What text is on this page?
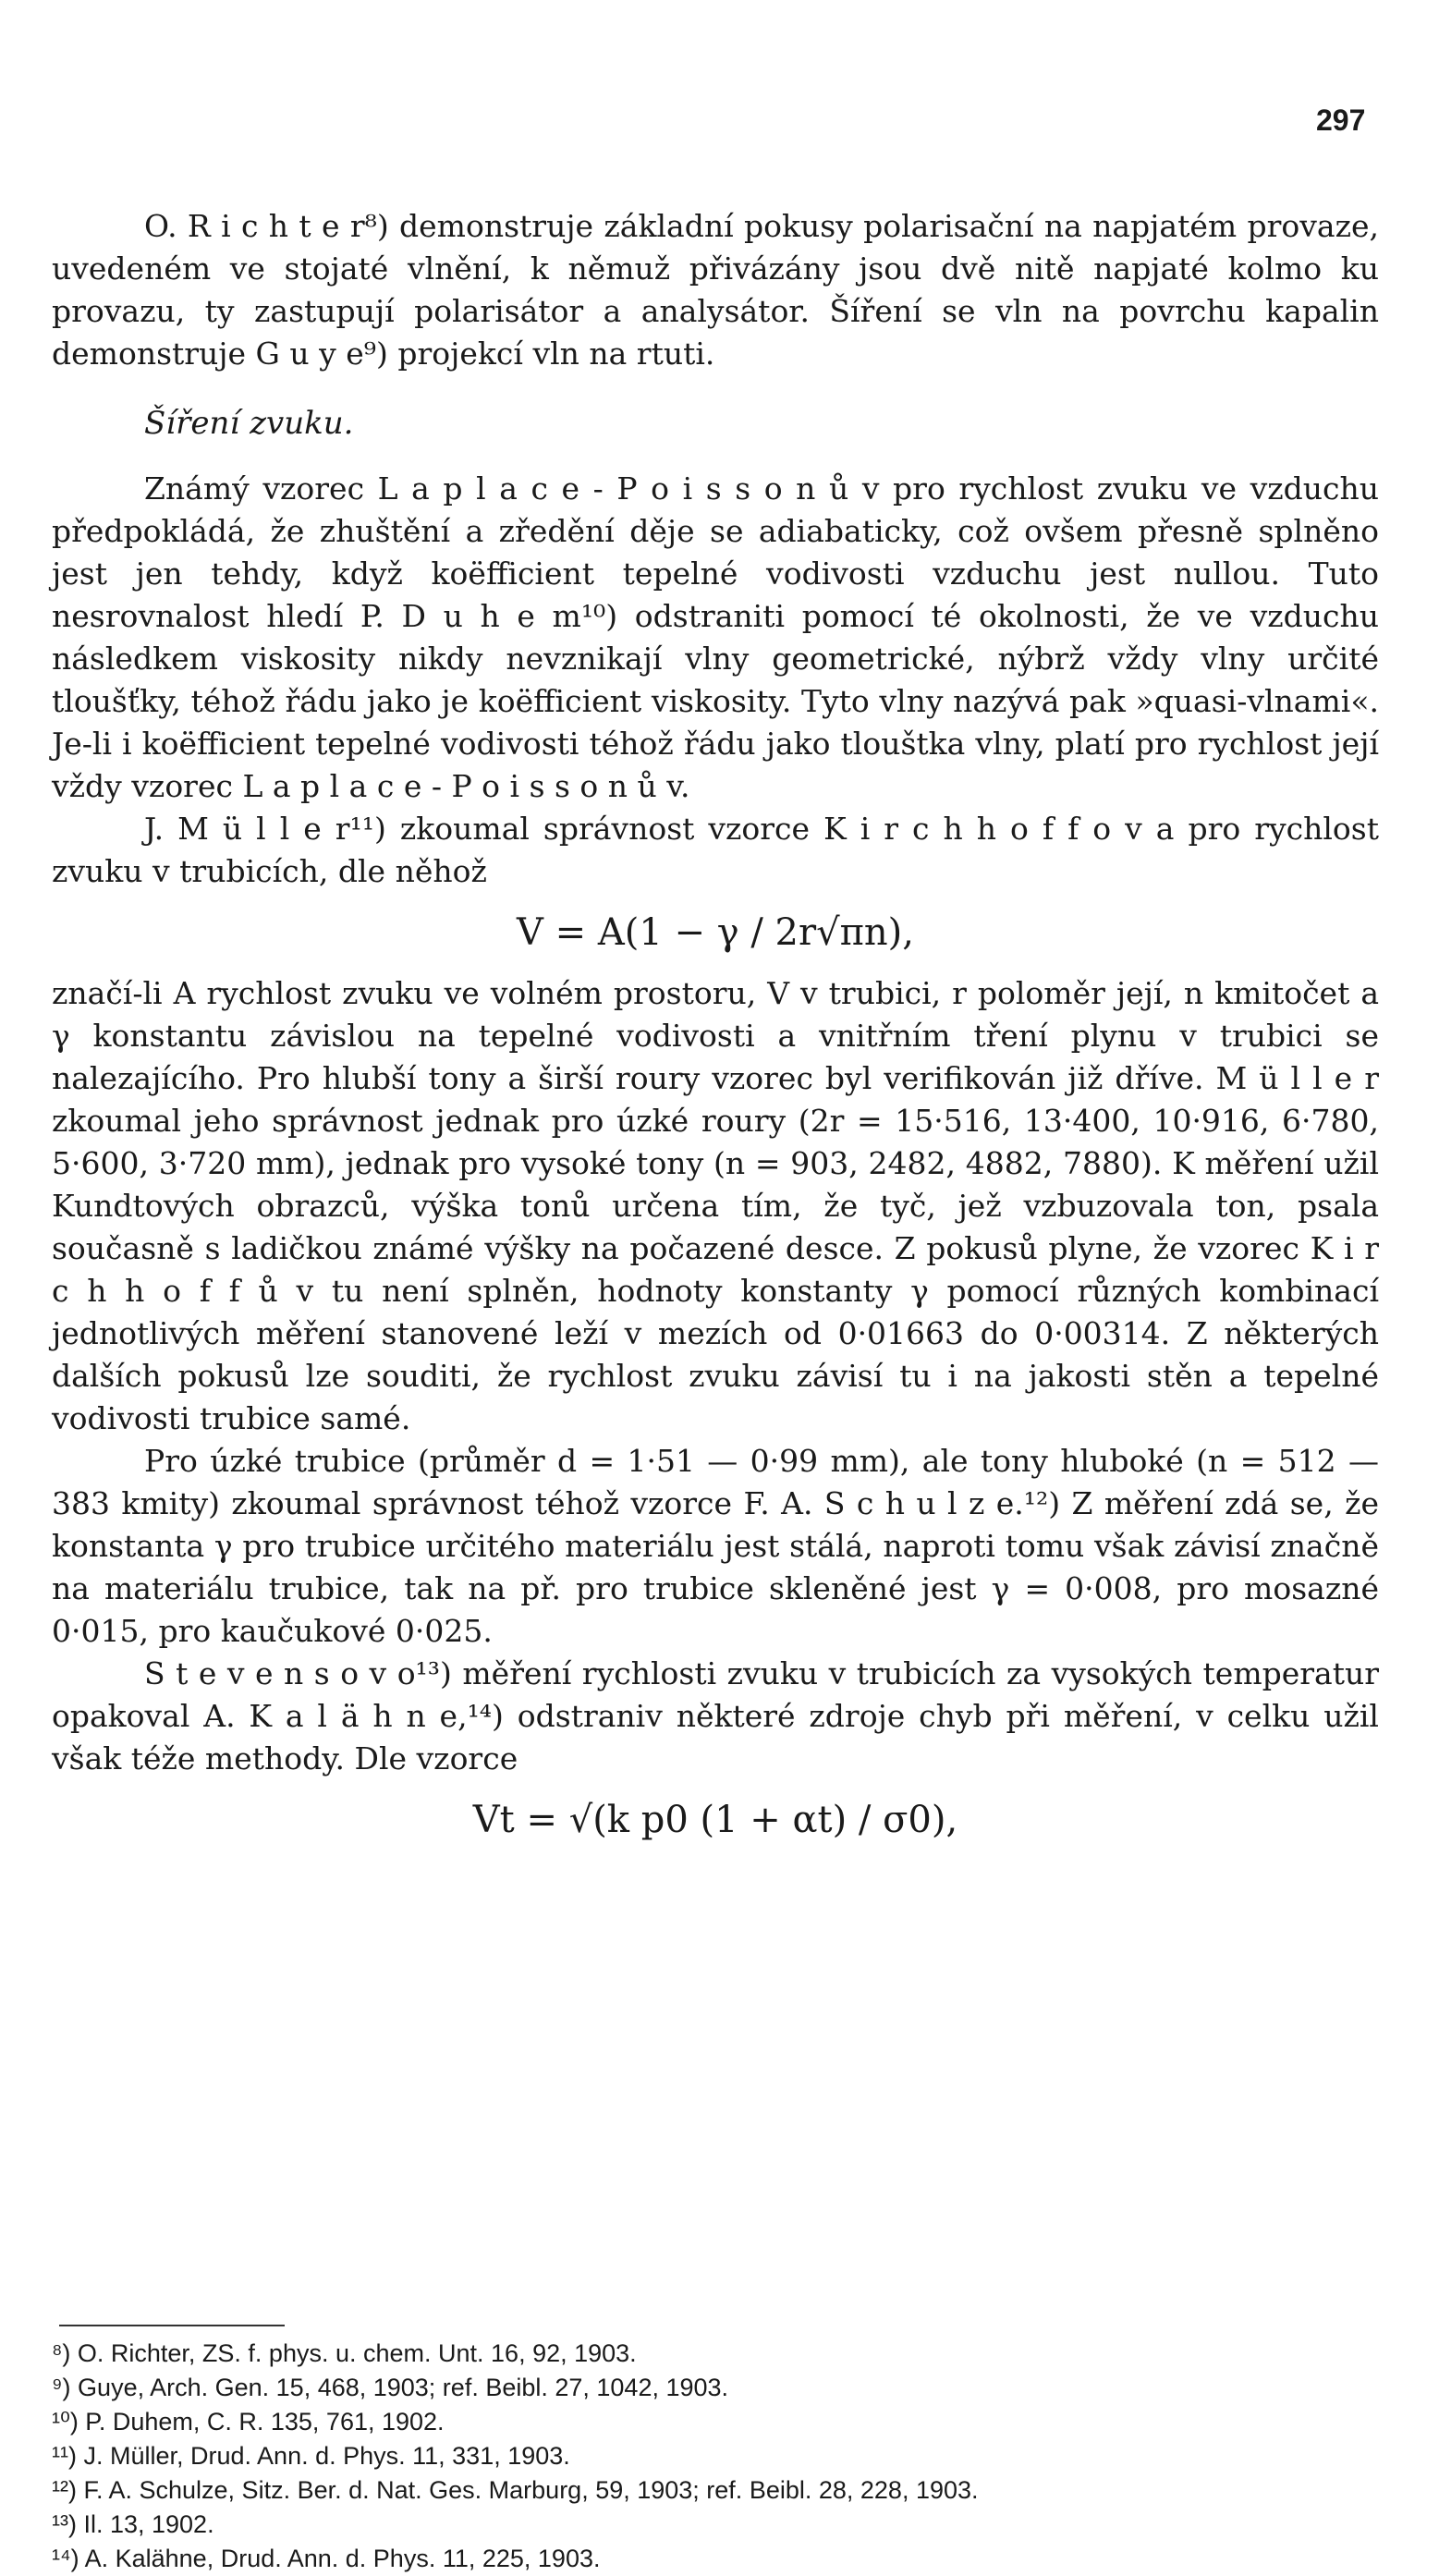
297

O. R i c h t e r⁸) demonstruje základní pokusy polarisační na napjatém provaze, uvedeném ve stojaté vlnění, k němuž přivázány jsou dvě nitě napjaté kolmo ku provazu, ty zastupují polarisátor a analysátor. Šíření se vln na povrchu kapalin demonstruje G u y e⁹) projekcí vln na rtuti.

Šíření zvuku.

Známý vzorec L a p l a c e - P o i s s o n ů v pro rychlost zvuku ve vzduchu předpokládá, že zhuštění a zředění děje se adiabaticky, což ovšem přesně splněno jest jen tehdy, když koëfficient tepelné vodivosti vzduchu jest nullou. Tuto nesrovnalost hledí P. D u h e m¹⁰) odstraniti pomocí té okolnosti, že ve vzduchu následkem viskosity nikdy nevznikají vlny geometrické, nýbrž vždy vlny určité tloušťky, téhož řádu jako je koëfficient viskosity. Tyto vlny nazývá pak »quasi-vlnami«. Je-li i koëfficient tepelné vodivosti téhož řádu jako tlouštka vlny, platí pro rychlost její vždy vzorec L a p l a c e - P o i s s o n ů v.

J. M ü l l e r¹¹) zkoumal správnost vzorce K i r c h h o f f o v a pro rychlost zvuku v trubicích, dle něhož

V = A(1 − γ / 2r√πn),

značí-li A rychlost zvuku ve volném prostoru, V v trubici, r poloměr její, n kmitočet a γ konstantu závislou na tepelné vodivosti a vnitřním tření plynu v trubici se nalezajícího. Pro hlubší tony a širší roury vzorec byl verifikován již dříve. M ü l l e r zkoumal jeho správnost jednak pro úzké roury (2r = 15·516, 13·400, 10·916, 6·780, 5·600, 3·720 mm), jednak pro vysoké tony (n = 903, 2482, 4882, 7880). K měření užil Kundtových obrazců, výška tonů určena tím, že tyč, jež vzbuzovala ton, psala současně s ladičkou známé výšky na počazené desce. Z pokusů plyne, že vzorec K i r c h h o f f ů v tu není splněn, hodnoty konstanty γ pomocí různých kombinací jednotlivých měření stanovené leží v mezích od 0·01663 do 0·00314. Z některých dalších pokusů lze souditi, že rychlost zvuku závisí tu i na jakosti stěn a tepelné vodivosti trubice samé.

Pro úzké trubice (průměr d = 1·51 — 0·99 mm), ale tony hluboké (n = 512 — 383 kmity) zkoumal správnost téhož vzorce F. A. S c h u l z e.¹²) Z měření zdá se, že konstanta γ pro trubice určitého materiálu jest stálá, naproti tomu však závisí značně na materiálu trubice, tak na př. pro trubice skleněné jest γ = 0·008, pro mosazné 0·015, pro kaučukové 0·025.

S t e v e n s o v o¹³) měření rychlosti zvuku v trubicích za vysokých temperatur opakoval A. K a l ä h n e,¹⁴) odstraniv některé zdroje chyb při měření, v celku užil však téže methody. Dle vzorce

Vt = √(k p0 (1 + αt) / σ0),

⁸) O. Richter, ZS. f. phys. u. chem. Unt. 16, 92, 1903.

⁹) Guye, Arch. Gen. 15, 468, 1903; ref. Beibl. 27, 1042, 1903.

¹⁰) P. Duhem, C. R. 135, 761, 1902.

¹¹) J. Müller, Drud. Ann. d. Phys. 11, 331, 1903.

¹²) F. A. Schulze, Sitz. Ber. d. Nat. Ges. Marburg, 59, 1903; ref. Beibl. 28, 228, 1903.

¹³) Il. 13, 1902.

¹⁴) A. Kalähne, Drud. Ann. d. Phys. 11, 225, 1903.
